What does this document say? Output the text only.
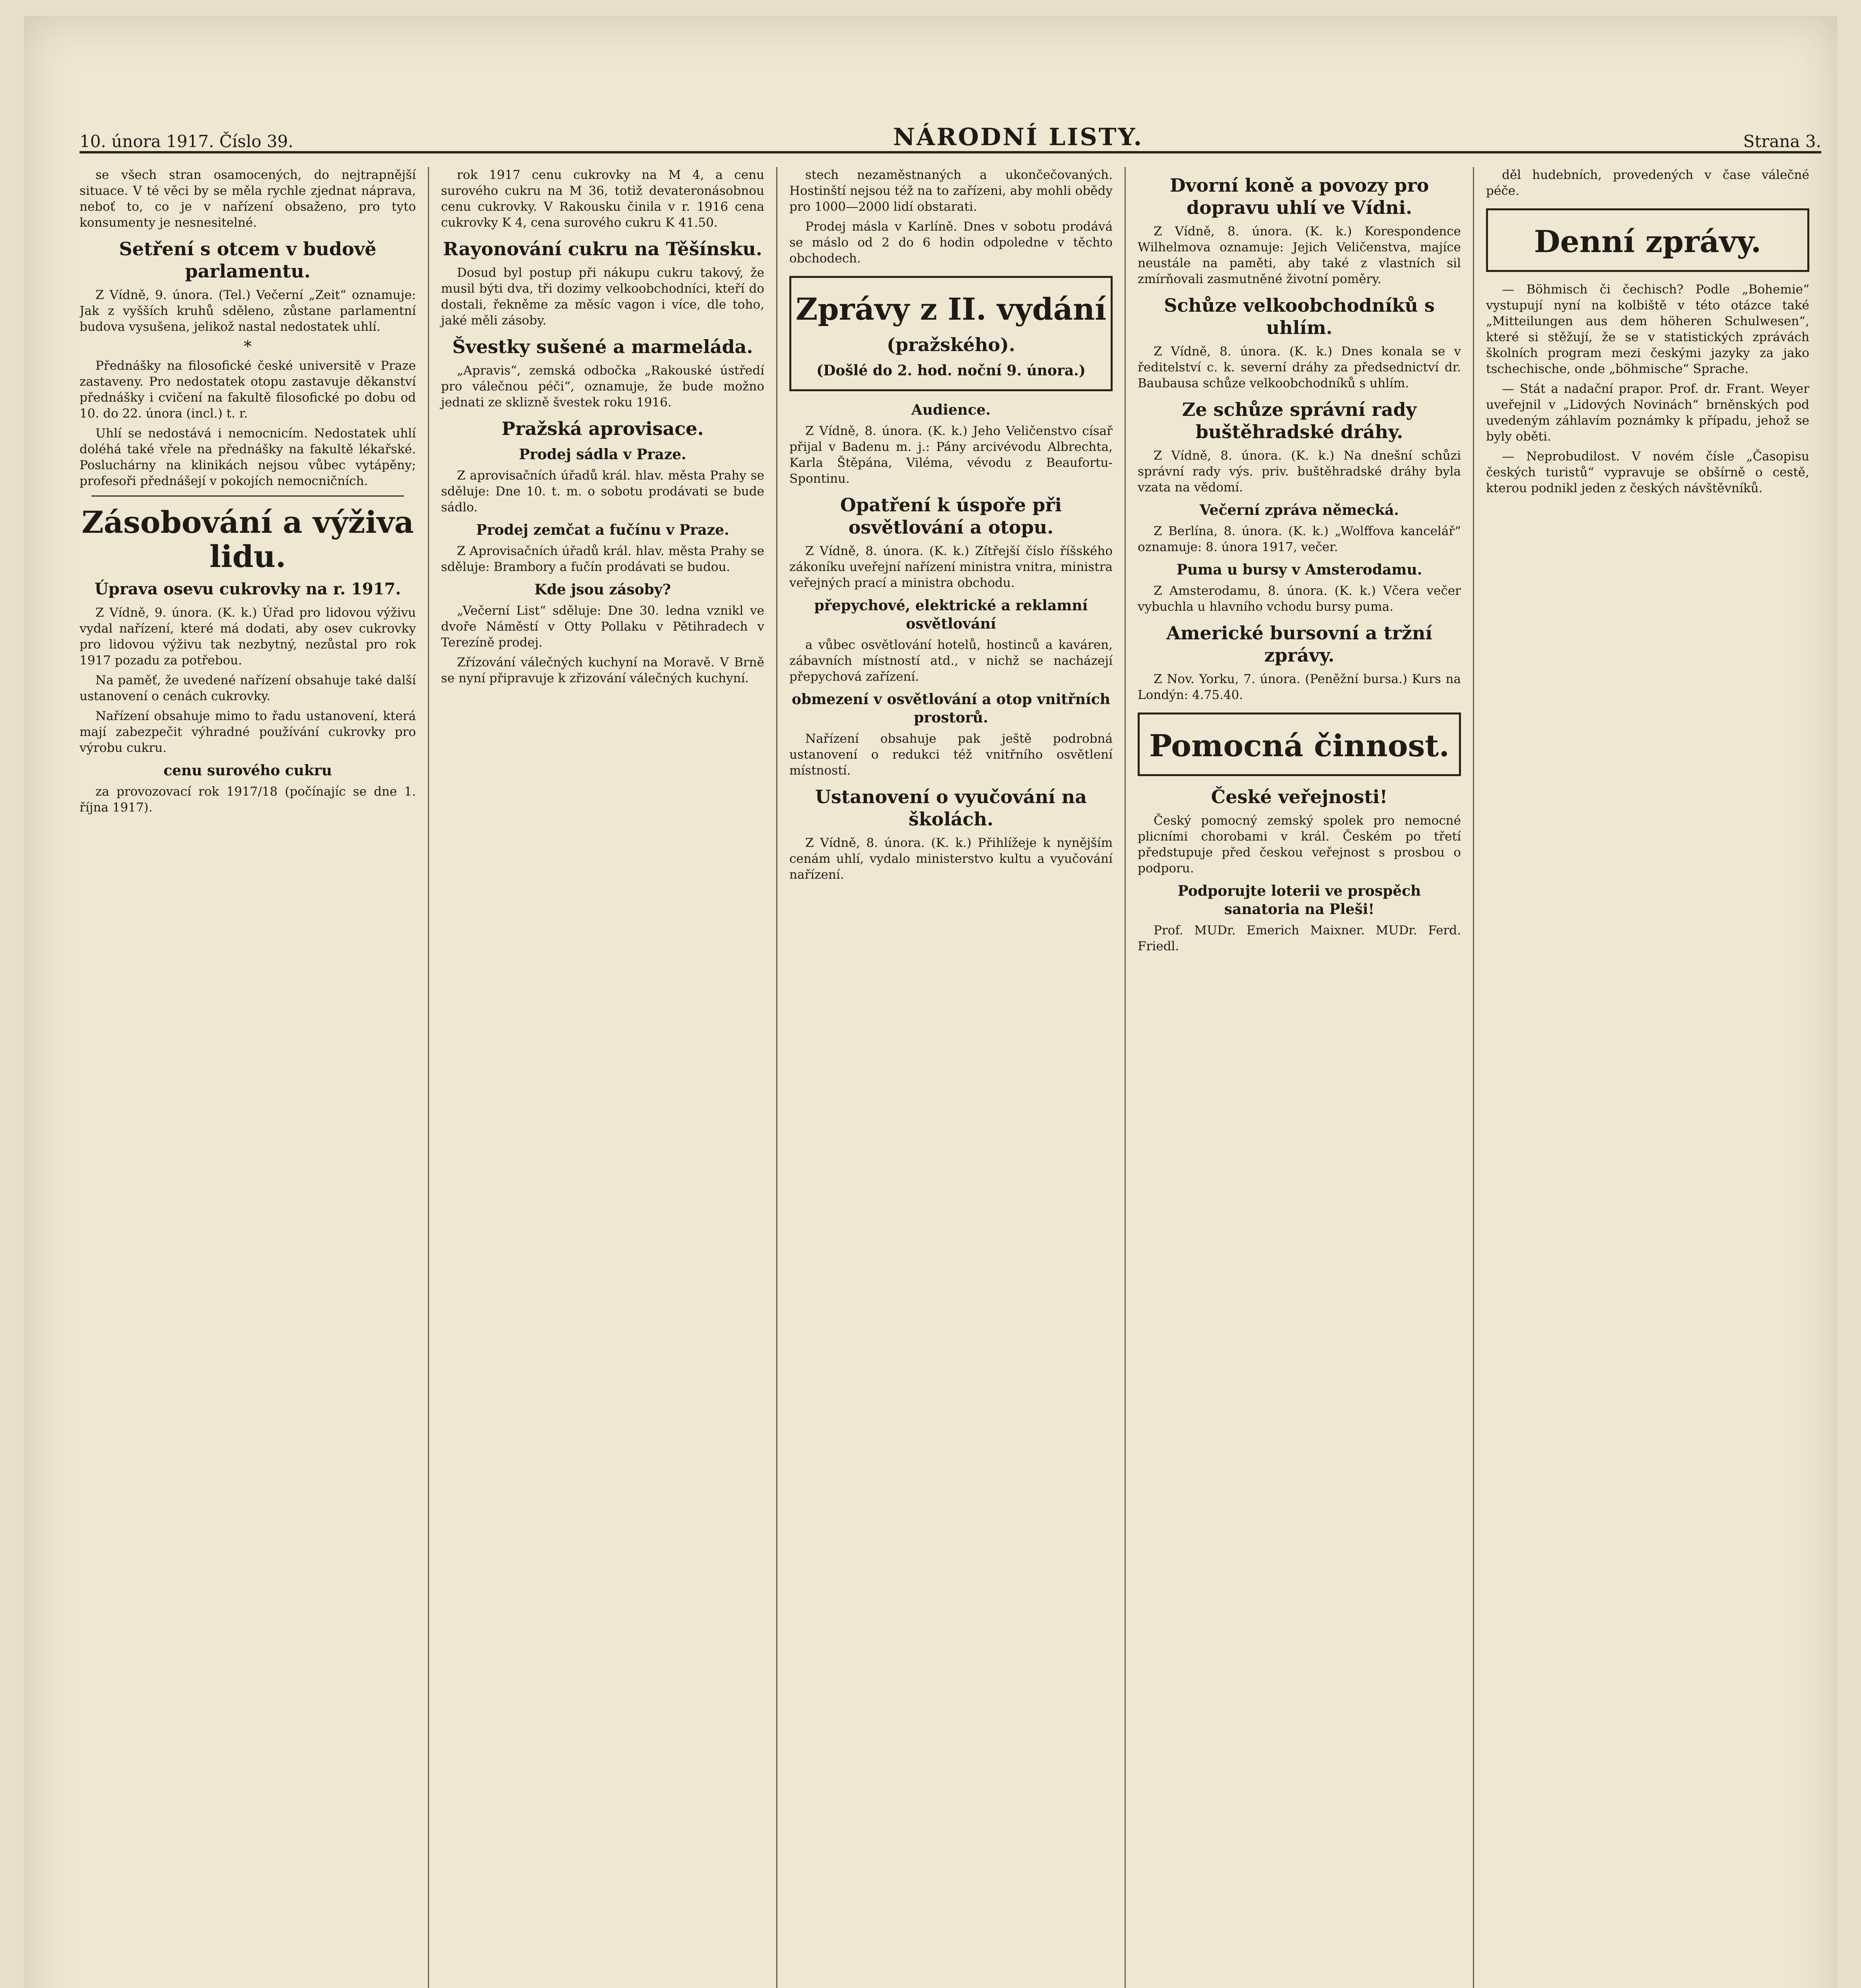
10. února 1917. Číslo 39.	NÁRODNÍ LISTY.	Strana 3.

se všech stran osamocených, do nejtrapnější situace. V té věci by se měla rychle zjednat náprava, neboť to, co je v nařízení obsaženo, pro tyto konsumenty je nesnesitelné.

Setření s otcem v budově parlamentu.

Z Vídně, 9. února. (Tel.) Večerní „Zeit“ oznamuje: Jak z vyšších kruhů sděleno, zůstane parlamentní budova vysušena, jelikož nastal nedostatek uhlí.

*

Přednášky na filosofické české universitě v Praze zastaveny. Pro nedostatek otopu zastavuje děkanství přednášky i cvičení na fakultě filosofické po dobu od 10. do 22. února (incl.) t. r.

Uhlí se nedostává i nemocnicím. Nedostatek uhlí doléhá také vřele na přednášky na fakultě lékařské. Posluchárny na klinikách nejsou vůbec vytápěny; profesoři přednášejí v pokojích nemocničních.

Zásobování a výživa lidu.
Úprava osevu cukrovky na r. 1917.

Z Vídně, 9. února. (K. k.) Úřad pro lidovou výživu vydal nařízení, které má dodati, aby osev cukrovky pro lidovou výživu tak nezbytný, nezůstal pro rok 1917 pozadu za potřebou.

Na paměť, že uvedené nařízení obsahuje také další ustanovení o cenách cukrovky.

Nařízení obsahuje mimo to řadu ustanovení, která mají zabezpečit výhradné používání cukrovky pro výrobu cukru.

cenu surového cukru

za provozovací rok 1917/18 (počínajíc se dne 1. října 1917).

rok 1917 cenu cukrovky na M 4, a cenu surového cukru na M 36, totiž devateronásobnou cenu cukrovky. V Rakousku činila v r. 1916 cena cukrovky K 4, cena surového cukru K 41.50.

Rayonování cukru na Těšínsku.

Dosud byl postup při nákupu cukru takový, že musil býti dva, tři dozimy velkoobchodníci, kteří do dostali, řekněme za měsíc vagon i více, dle toho, jaké měli zásoby.

Švestky sušené a marmeláda.

„Apravis“, zemská odbočka „Rakouské ústředí pro válečnou péči“, oznamuje, že bude možno jednati ze sklizně švestek roku 1916.

Pražská aprovisace.
Prodej sádla v Praze.

Z aprovisačních úřadů král. hlav. města Prahy se sděluje: Dne 10. t. m. o sobotu prodávati se bude sádlo.

Prodej zemčat a fučínu v Praze.

Z Aprovisačních úřadů král. hlav. města Prahy se sděluje: Brambory a fučín prodávati se budou.

Kde jsou zásoby?

„Večerní List“ sděluje: Dne 30. ledna vznikl ve dvoře Náměstí v Otty Pollaku v Pětihradech v Terezíně prodej.

Zřízování válečných kuchyní na Moravě. V Brně se nyní připravuje k zřizování válečných kuchyní.

stech nezaměstnaných a ukončečovaných. Hostinští nejsou též na to zařízeni, aby mohli obědy pro 1000—2000 lidí obstarati.

Prodej másla v Karlíně. Dnes v sobotu prodává se máslo od 2 do 6 hodin odpoledne v těchto obchodech.

Zprávy z II. vydání
(pražského).
(Došlé do 2. hod. noční 9. února.)
Audience.

Z Vídně, 8. února. (K. k.) Jeho Veličenstvo císař přijal v Badenu m. j.: Pány arcivévodu Albrechta, Karla Štěpána, Viléma, vévodu z Beaufortu-Spontinu.

Opatření k úspoře při osvětlování a otopu.

Z Vídně, 8. února. (K. k.) Zítřejší číslo říšského zákoníku uveřejní nařízení ministra vnitra, ministra veřejných prací a ministra obchodu.

přepychové, elektrické a reklamní osvětlování

a vůbec osvětlování hotelů, hostinců a kaváren, zábavních místností atd., v nichž se nacházejí přepychová zařízení.

obmezení v osvětlování a otop vnitřních prostorů.

Nařízení obsahuje pak ještě podrobná ustanovení o redukci též vnitřního osvětlení místností.

Ustanovení o vyučování na školách.

Z Vídně, 8. února. (K. k.) Přihlížeje k nynějším cenám uhlí, vydalo ministerstvo kultu a vyučování nařízení.

Dvorní koně a povozy pro dopravu uhlí ve Vídni.

Z Vídně, 8. února. (K. k.) Korespondence Wilhelmova oznamuje: Jejich Veličenstva, majíce neustále na paměti, aby také z vlastních sil zmírňovali zasmutněné životní poměry.

Schůze velkoobchodníků s uhlím.

Z Vídně, 8. února. (K. k.) Dnes konala se v ředitelství c. k. severní dráhy za předsednictví dr. Baubausa schůze velkoobchodníků s uhlím.

Ze schůze správní rady buštěhradské dráhy.

Z Vídně, 8. února. (K. k.) Na dnešní schůzi správní rady výs. priv. buštěhradské dráhy byla vzata na vědomí.

Večerní zpráva německá.

Z Berlína, 8. února. (K. k.) „Wolffova kancelář“ oznamuje: 8. února 1917, večer.

Puma u bursy v Amsterodamu.

Z Amsterodamu, 8. února. (K. k.) Včera večer vybuchla u hlavního vchodu bursy puma.

Americké bursovní a tržní zprávy.

Z Nov. Yorku, 7. února. (Peněžní bursa.) Kurs na Londýn: 4.75.40.

Pomocná činnost.
České veřejnosti!

Český pomocný zemský spolek pro nemocné plicními chorobami v král. Českém po třetí předstupuje před českou veřejnost s prosbou o podporu.

Podporujte loterii ve prospěch sanatoria na Pleši!

Prof. MUDr. Emerich Maixner. MUDr. Ferd. Friedl.

děl hudebních, provedených v čase válečné péče.

Denní zprávy.

— Böhmisch či čechisch? Podle „Bohemie“ vystupují nyní na kolbiště v této otázce také „Mitteilungen aus dem höheren Schulwesen“, které si stěžují, že se v statistických zprávách školních program mezi českými jazyky za jako tschechische, onde „böhmische“ Sprache.

— Stát a nadační prapor. Prof. dr. Frant. Weyer uveřejnil v „Lidových Novinách“ brněnských pod uvedeným záhlavím poznámky k případu, jehož se byly oběti.

— Neprobudilost. V novém čísle „Časopisu českých turistů“ vypravuje se obšírně o cestě, kterou podnikl jeden z českých návštěvníků.
